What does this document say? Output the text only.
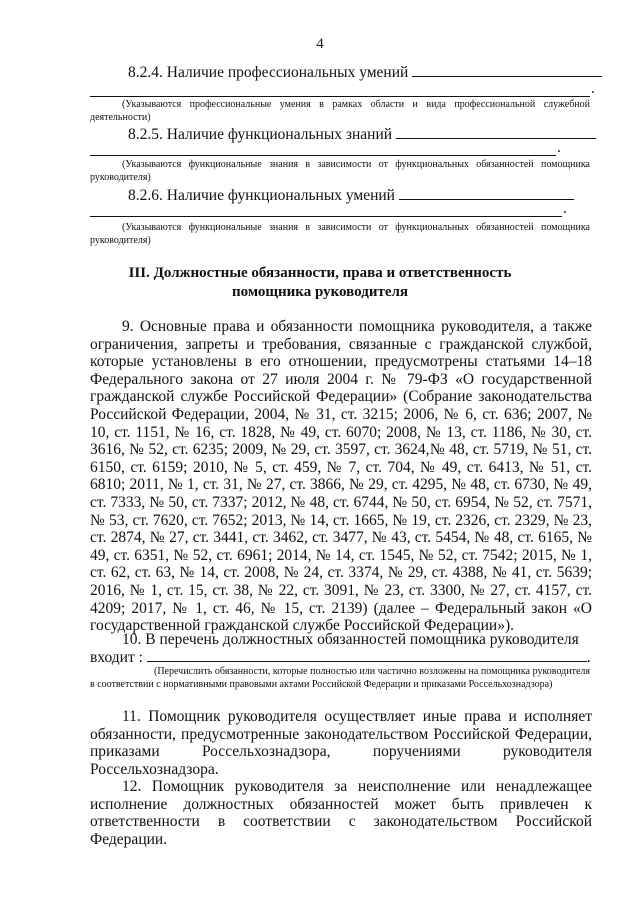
4
8.2.4. Наличие профессиональных умений
.
(Указываются профессиональные умения в рамках области и вида профессиональной служебной деятельности)
8.2.5. Наличие функциональных знаний
.
(Указываются функциональные знания в зависимости от функциональных обязанностей помощника руководителя)
8.2.6. Наличие функциональных умений
.
(Указываются функциональные знания в зависимости от функциональных обязанностей помощника руководителя)
III. Должностные обязанности, права и ответственность
помощника руководителя
9. Основные права и обязанности помощника руководителя, а также ограничения, запреты и требования, связанные с гражданской службой, которые установлены в его отношении, предусмотрены статьями 14–18 Федерального закона от 27 июля 2004 г. № 79-ФЗ «О государственной гражданской службе Российской Федерации» (Собрание законодательства Российской Федерации, 2004, № 31, ст. 3215; 2006, № 6, ст. 636; 2007, № 10, ст. 1151, № 16, ст. 1828, № 49, ст. 6070; 2008, № 13, ст. 1186, № 30, ст. 3616, № 52, ст. 6235; 2009, № 29, ст. 3597, ст. 3624,№ 48, ст. 5719, № 51, ст. 6150, ст. 6159; 2010, № 5, ст. 459, № 7, ст. 704, № 49, ст. 6413, № 51, ст. 6810; 2011, № 1, ст. 31, № 27, ст. 3866, № 29, ст. 4295, № 48, ст. 6730, № 49, ст. 7333, № 50, ст. 7337; 2012, № 48, ст. 6744, № 50, ст. 6954, № 52, ст. 7571, № 53, ст. 7620, ст. 7652; 2013, № 14, ст. 1665, № 19, ст. 2326, ст. 2329, № 23, ст. 2874, № 27, ст. 3441, ст. 3462, ст. 3477, № 43, ст. 5454, № 48, ст. 6165, № 49, ст. 6351, № 52, ст. 6961; 2014, № 14, ст. 1545, № 52, ст. 7542; 2015, № 1, ст. 62, ст. 63, № 14, ст. 2008, № 24, ст. 3374, № 29, ст. 4388, № 41, ст. 5639; 2016, № 1, ст. 15, ст. 38, № 22, ст. 3091, № 23, ст. 3300, № 27, ст. 4157, ст. 4209; 2017, № 1, ст. 46, № 15, ст. 2139) (далее – Федеральный закон «О государственной гражданской службе Российской Федерации»).
10. В перечень должностных обязанностей помощника руководителя
входит :	.
(Перечислить обязанности, которые полностью или частично возложены на помощника руководителя в соответствии с нормативными правовыми актами Российской Федерации и приказами Россельхознадзора)
11. Помощник руководителя осуществляет иные права и исполняет обязанности, предусмотренные законодательством Российской Федерации, приказами Россельхознадзора, поручениями руководителя Россельхознадзора.
12. Помощник руководителя за неисполнение или ненадлежащее исполнение должностных обязанностей может быть привлечен к ответственности в соответствии с законодательством Российской Федерации.
